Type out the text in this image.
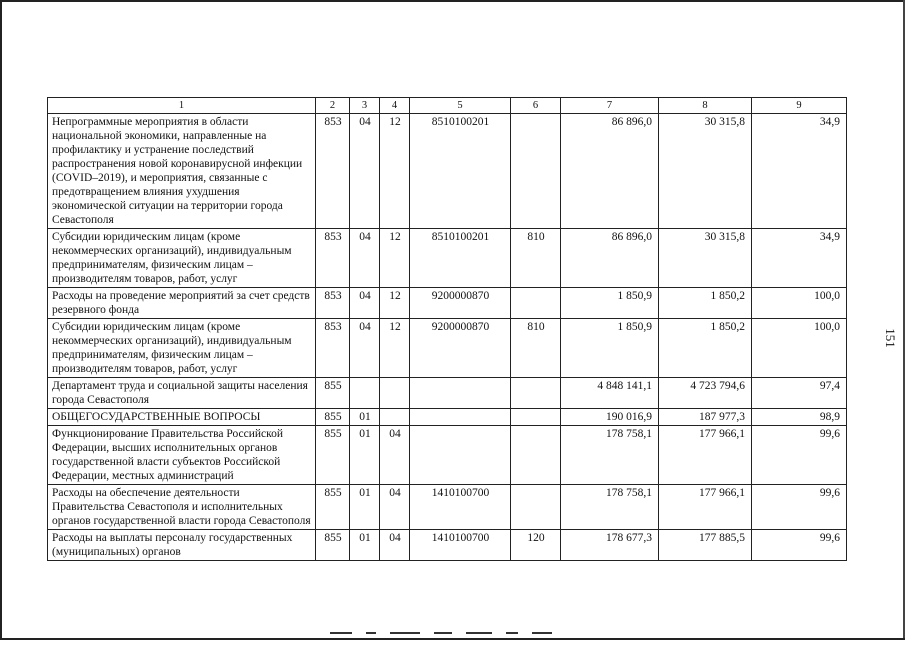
1	2	3	4	5	6	7	8	9
Непрограммные мероприятия в области национальной экономики, направленные на профилактику и устранение последствий распространения новой коронавирусной инфекции (COVID–2019), и мероприятия, связанные с предотвращением влияния ухудшения экономической ситуации на территории города Севастополя	853	04	12	8510100201		86 896,0	30 315,8	34,9
Субсидии юридическим лицам (кроме некоммерческих организаций), индивидуальным предпринимателям, физическим лицам – производителям товаров, работ, услуг	853	04	12	8510100201	810	86 896,0	30 315,8	34,9
Расходы на проведение мероприятий за счет средств резервного фонда	853	04	12	9200000870		1 850,9	1 850,2	100,0
Субсидии юридическим лицам (кроме некоммерческих организаций), индивидуальным предпринимателям, физическим лицам – производителям товаров, работ, услуг	853	04	12	9200000870	810	1 850,9	1 850,2	100,0
Департамент труда и социальной защиты населения города Севастополя	855					4 848 141,1	4 723 794,6	97,4
ОБЩЕГОСУДАРСТВЕННЫЕ ВОПРОСЫ	855	01				190 016,9	187 977,3	98,9
Функционирование Правительства Российской Федерации, высших исполнительных органов государственной власти субъектов Российской Федерации, местных администраций	855	01	04			178 758,1	177 966,1	99,6
Расходы на обеспечение деятельности Правительства Севастополя и исполнительных органов государственной власти города Севастополя	855	01	04	1410100700		178 758,1	177 966,1	99,6
Расходы на выплаты персоналу государственных (муниципальных) органов	855	01	04	1410100700	120	178 677,3	177 885,5	99,6
151
